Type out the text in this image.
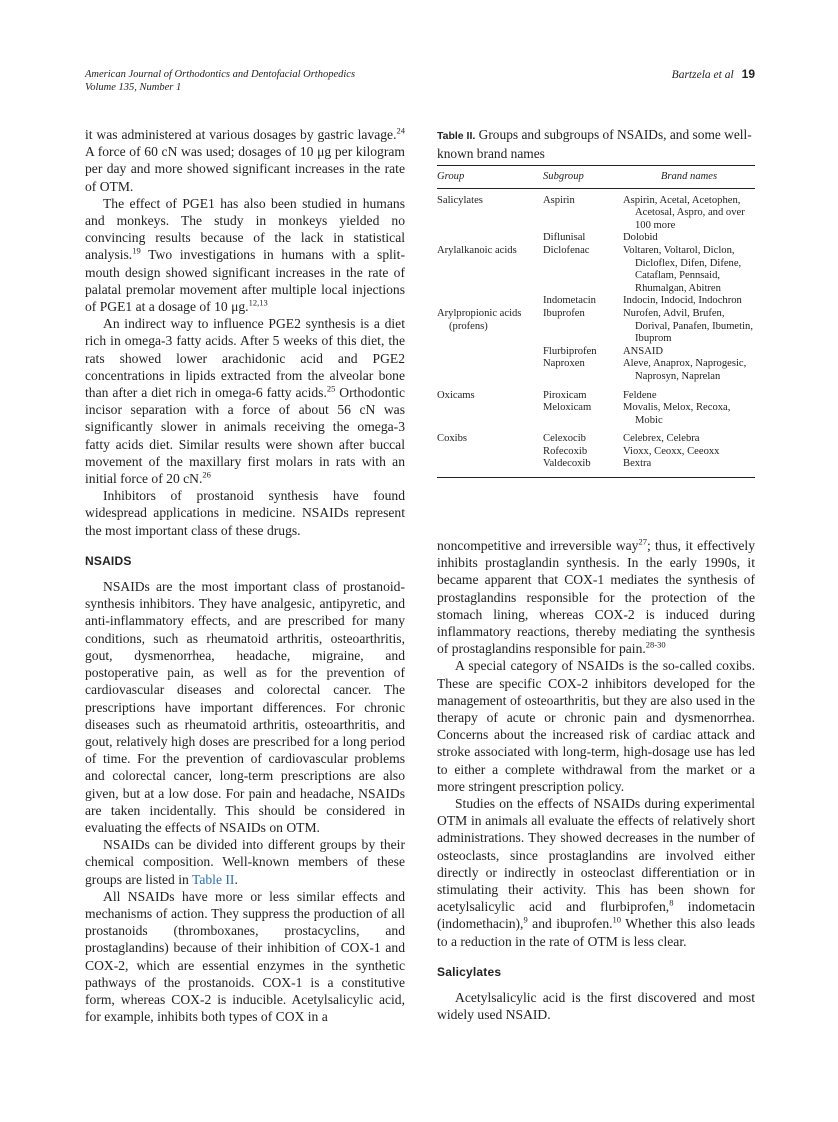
American Journal of Orthodontics and Dentofacial Orthopedics
Volume 135, Number 1
Bartzela et al 19

it was administered at various dosages by gastric lavage.$^{24}$ A force of 60 cN was used; dosages of 10 μg per kilogram per day and more showed significant increases in the rate of OTM.

The effect of PGE1 has also been studied in humans and monkeys. The study in monkeys yielded no convincing results because of the lack in statistical analysis.$^{19}$ Two investigations in humans with a split-mouth design showed significant increases in the rate of palatal premolar movement after multiple local injections of PGE1 at a dosage of 10 μg.$^{12,13}$

An indirect way to influence PGE2 synthesis is a diet rich in omega-3 fatty acids. After 5 weeks of this diet, the rats showed lower arachidonic acid and PGE2 concentrations in lipids extracted from the alveolar bone than after a diet rich in omega-6 fatty acids.$^{25}$ Orthodontic incisor separation with a force of about 56 cN was significantly slower in animals receiving the omega-3 fatty acids diet. Similar results were shown after buccal movement of the maxillary first molars in rats with an initial force of 20 cN.$^{26}$

Inhibitors of prostanoid synthesis have found widespread applications in medicine. NSAIDs represent the most important class of these drugs.

NSAIDS

NSAIDs are the most important class of prostanoid-synthesis inhibitors. They have analgesic, antipyretic, and anti-inflammatory effects, and are prescribed for many conditions, such as rheumatoid arthritis, osteoarthritis, gout, dysmenorrhea, headache, migraine, and postoperative pain, as well as for the prevention of cardiovascular diseases and colorectal cancer. The prescriptions have important differences. For chronic diseases such as rheumatoid arthritis, osteoarthritis, and gout, relatively high doses are prescribed for a long period of time. For the prevention of cardiovascular problems and colorectal cancer, long-term prescriptions are also given, but at a low dose. For pain and headache, NSAIDs are taken incidentally. This should be considered in evaluating the effects of NSAIDs on OTM.

NSAIDs can be divided into different groups by their chemical composition. Well-known members of these groups are listed in Table II.

All NSAIDs have more or less similar effects and mechanisms of action. They suppress the production of all prostanoids (thromboxanes, prostacyclins, and prostaglandins) because of their inhibition of COX-1 and COX-2, which are essential enzymes in the synthetic pathways of the prostanoids. COX-1 is a constitutive form, whereas COX-2 is inducible. Acetylsalicylic acid, for example, inhibits both types of COX in a

Table II. Groups and subgroups of NSAIDs, and some well-known brand names
Group	Subgroup	Brand names
Salicylates	Aspirin	Aspirin, Acetal, Acetophen, Acetosal, Aspro, and over 100 more
	Diflunisal	Dolobid
Arylalkanoic acids	Diclofenac	Voltaren, Voltarol, Diclon, Dicloflex, Difen, Difene, Cataflam, Pennsaid, Rhumalgan, Abitren
	Indometacin	Indocin, Indocid, Indochron
Arylpropionic acids (profens)	Ibuprofen	Nurofen, Advil, Brufen, Dorival, Panafen, Ibumetin, Ibuprom
	Flurbiprofen	ANSAID
	Naproxen	Aleve, Anaprox, Naprogesic, Naprosyn, Naprelan
Oxicams	Piroxicam	Feldene
	Meloxicam	Movalis, Melox, Recoxa, Mobic
Coxibs	Celexocib	Celebrex, Celebra
	Rofecoxib	Vioxx, Ceoxx, Ceeoxx
	Valdecoxib	Bextra

noncompetitive and irreversible way$^{27}$; thus, it effectively inhibits prostaglandin synthesis. In the early 1990s, it became apparent that COX-1 mediates the synthesis of prostaglandins responsible for the protection of the stomach lining, whereas COX-2 is induced during inflammatory reactions, thereby mediating the synthesis of prostaglandins responsible for pain.$^{28-30}$

A special category of NSAIDs is the so-called coxibs. These are specific COX-2 inhibitors developed for the management of osteoarthritis, but they are also used in the therapy of acute or chronic pain and dysmenorrhea. Concerns about the increased risk of cardiac attack and stroke associated with long-term, high-dosage use has led to either a complete withdrawal from the market or a more stringent prescription policy.

Studies on the effects of NSAIDs during experimental OTM in animals all evaluate the effects of relatively short administrations. They showed decreases in the number of osteoclasts, since prostaglandins are involved either directly or indirectly in osteoclast differentiation or in stimulating their activity. This has been shown for acetylsalicylic acid and flurbiprofen,$^8$ indometacin (indomethacin),$^9$ and ibuprofen.$^{10}$ Whether this also leads to a reduction in the rate of OTM is less clear.

Salicylates

Acetylsalicylic acid is the first discovered and most widely used NSAID.
